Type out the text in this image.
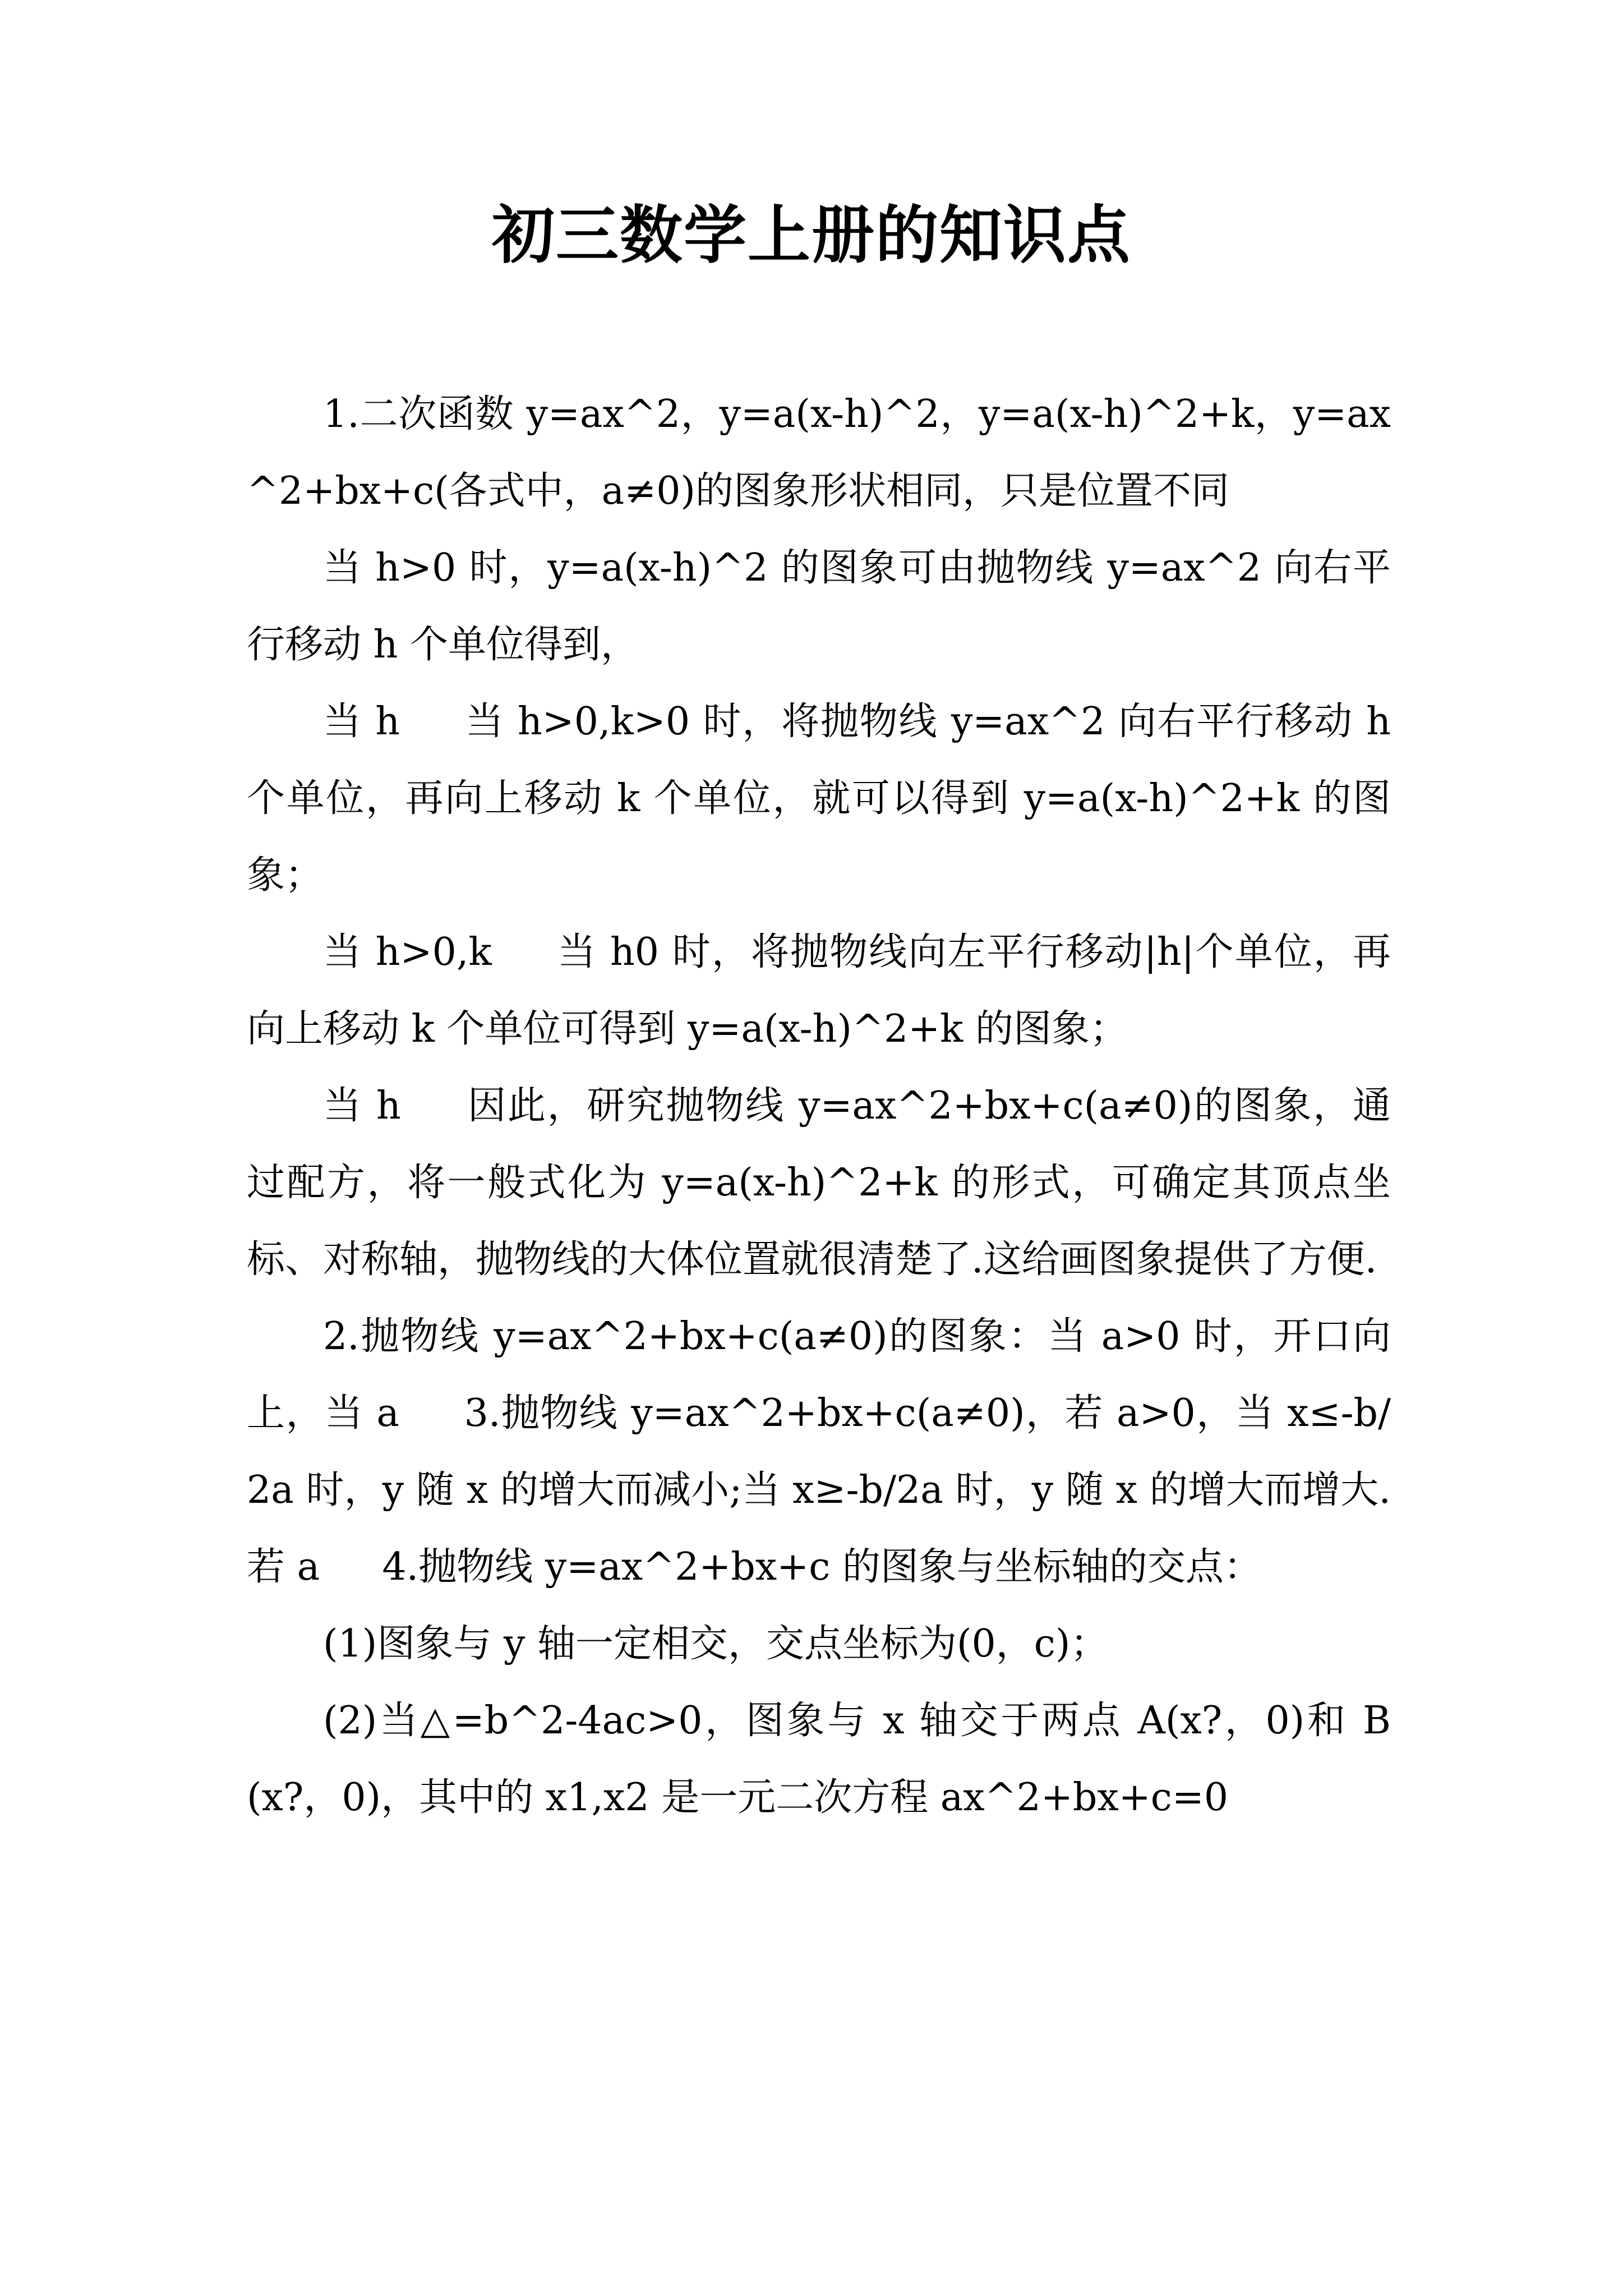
初三数学上册的知识点

1.二次函数 y=ax^2，y=a(x-h)^2，y=a(x-h)^2+k，y=ax^2+bx+c(各式中，a≠0)的图象形状相同，只是位置不同

当 h>0 时，y=a(x-h)^2 的图象可由抛物线 y=ax^2 向右平行移动 h 个单位得到，

当 h 　 当 h>0,k>0 时，将抛物线 y=ax^2 向右平行移动 h 个单位，再向上移动 k 个单位，就可以得到 y=a(x-h)^2+k 的图象；

当 h>0,k 　 当 h0 时，将抛物线向左平行移动|h|个单位，再向上移动 k 个单位可得到 y=a(x-h)^2+k 的图象；

当 h 　 因此，研究抛物线 y=ax^2+bx+c(a≠0)的图象，通过配方，将一般式化为 y=a(x-h)^2+k 的形式，可确定其顶点坐标、对称轴，抛物线的大体位置就很清楚了.这给画图象提供了方便.

2.抛物线 y=ax^2+bx+c(a≠0)的图象：当 a>0 时，开口向上，当 a 　 3.抛物线 y=ax^2+bx+c(a≠0)，若 a>0，当 x≤-b/2a 时，y 随 x 的增大而减小;当 x≥-b/2a 时，y 随 x 的增大而增大.若 a 　 4.抛物线 y=ax^2+bx+c 的图象与坐标轴的交点：

(1)图象与 y 轴一定相交，交点坐标为(0，c)；

(2)当△=b^2-4ac>0，图象与 x 轴交于两点 A(x?，0)和 B(x?，0)，其中的 x1,x2 是一元二次方程 ax^2+bx+c=0
